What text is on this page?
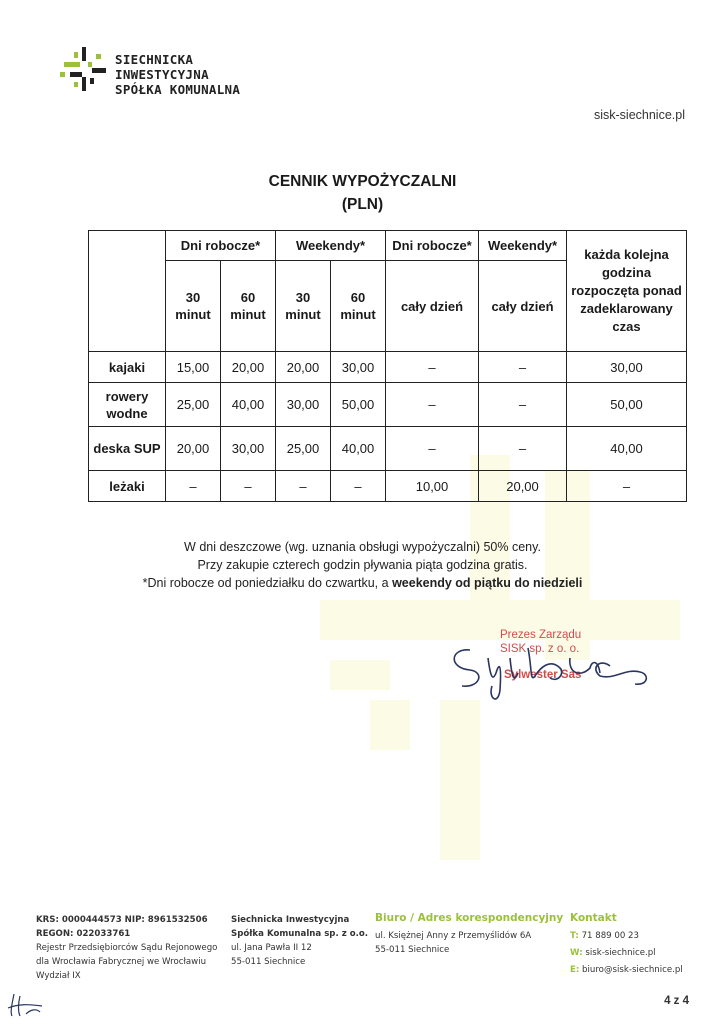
SIECHNICKA
INWESTYCYJNA
SPÓŁKA KOMUNALNA
sisk-siechnice.pl
CENNIK WYPOŻYCZALNI
(PLN)
	Dni robocze*		Weekendy*		Dni robocze*	Weekendy*	każda kolejna godzina rozpoczęta ponad zadeklarowany czas
	30 minut	60 minut	30 minut	60 minut	cały dzień	cały dzień	
kajaki	15,00	20,00	20,00	30,00	–	–	30,00
rowery wodne	25,00	40,00	30,00	50,00	–	–	50,00
deska SUP	20,00	30,00	25,00	40,00	–	–	40,00
leżaki	–	–	–	–	10,00	20,00	–
W dni deszczowe (wg. uznania obsługi wypożyczalni) 50% ceny.
Przy zakupie czterech godzin pływania piąta godzina gratis.
*Dni robocze od poniedziałku do czwartku, a weekendy od piątku do niedzieli
Prezes Zarządu
SISK sp. z o. o.
Sylwester Sas
KRS: 0000444573 NIP: 8961532506
REGON: 022033761
Rejestr Przedsiębiorców Sądu Rejonowego
dla Wrocławia Fabrycznej we Wrocławiu
Wydział IX
Siechnicka Inwestycyjna
Spółka Komunalna sp. z o.o.
ul. Jana Pawła II 12
55-011 Siechnice
Biuro / Adres korespondencyjny
ul. Księżnej Anny z Przemyślidów 6A
55-011 Siechnice
Kontakt
T: 71 889 00 23
W: sisk-siechnice.pl
E: biuro@sisk-siechnice.pl
4 z 4
